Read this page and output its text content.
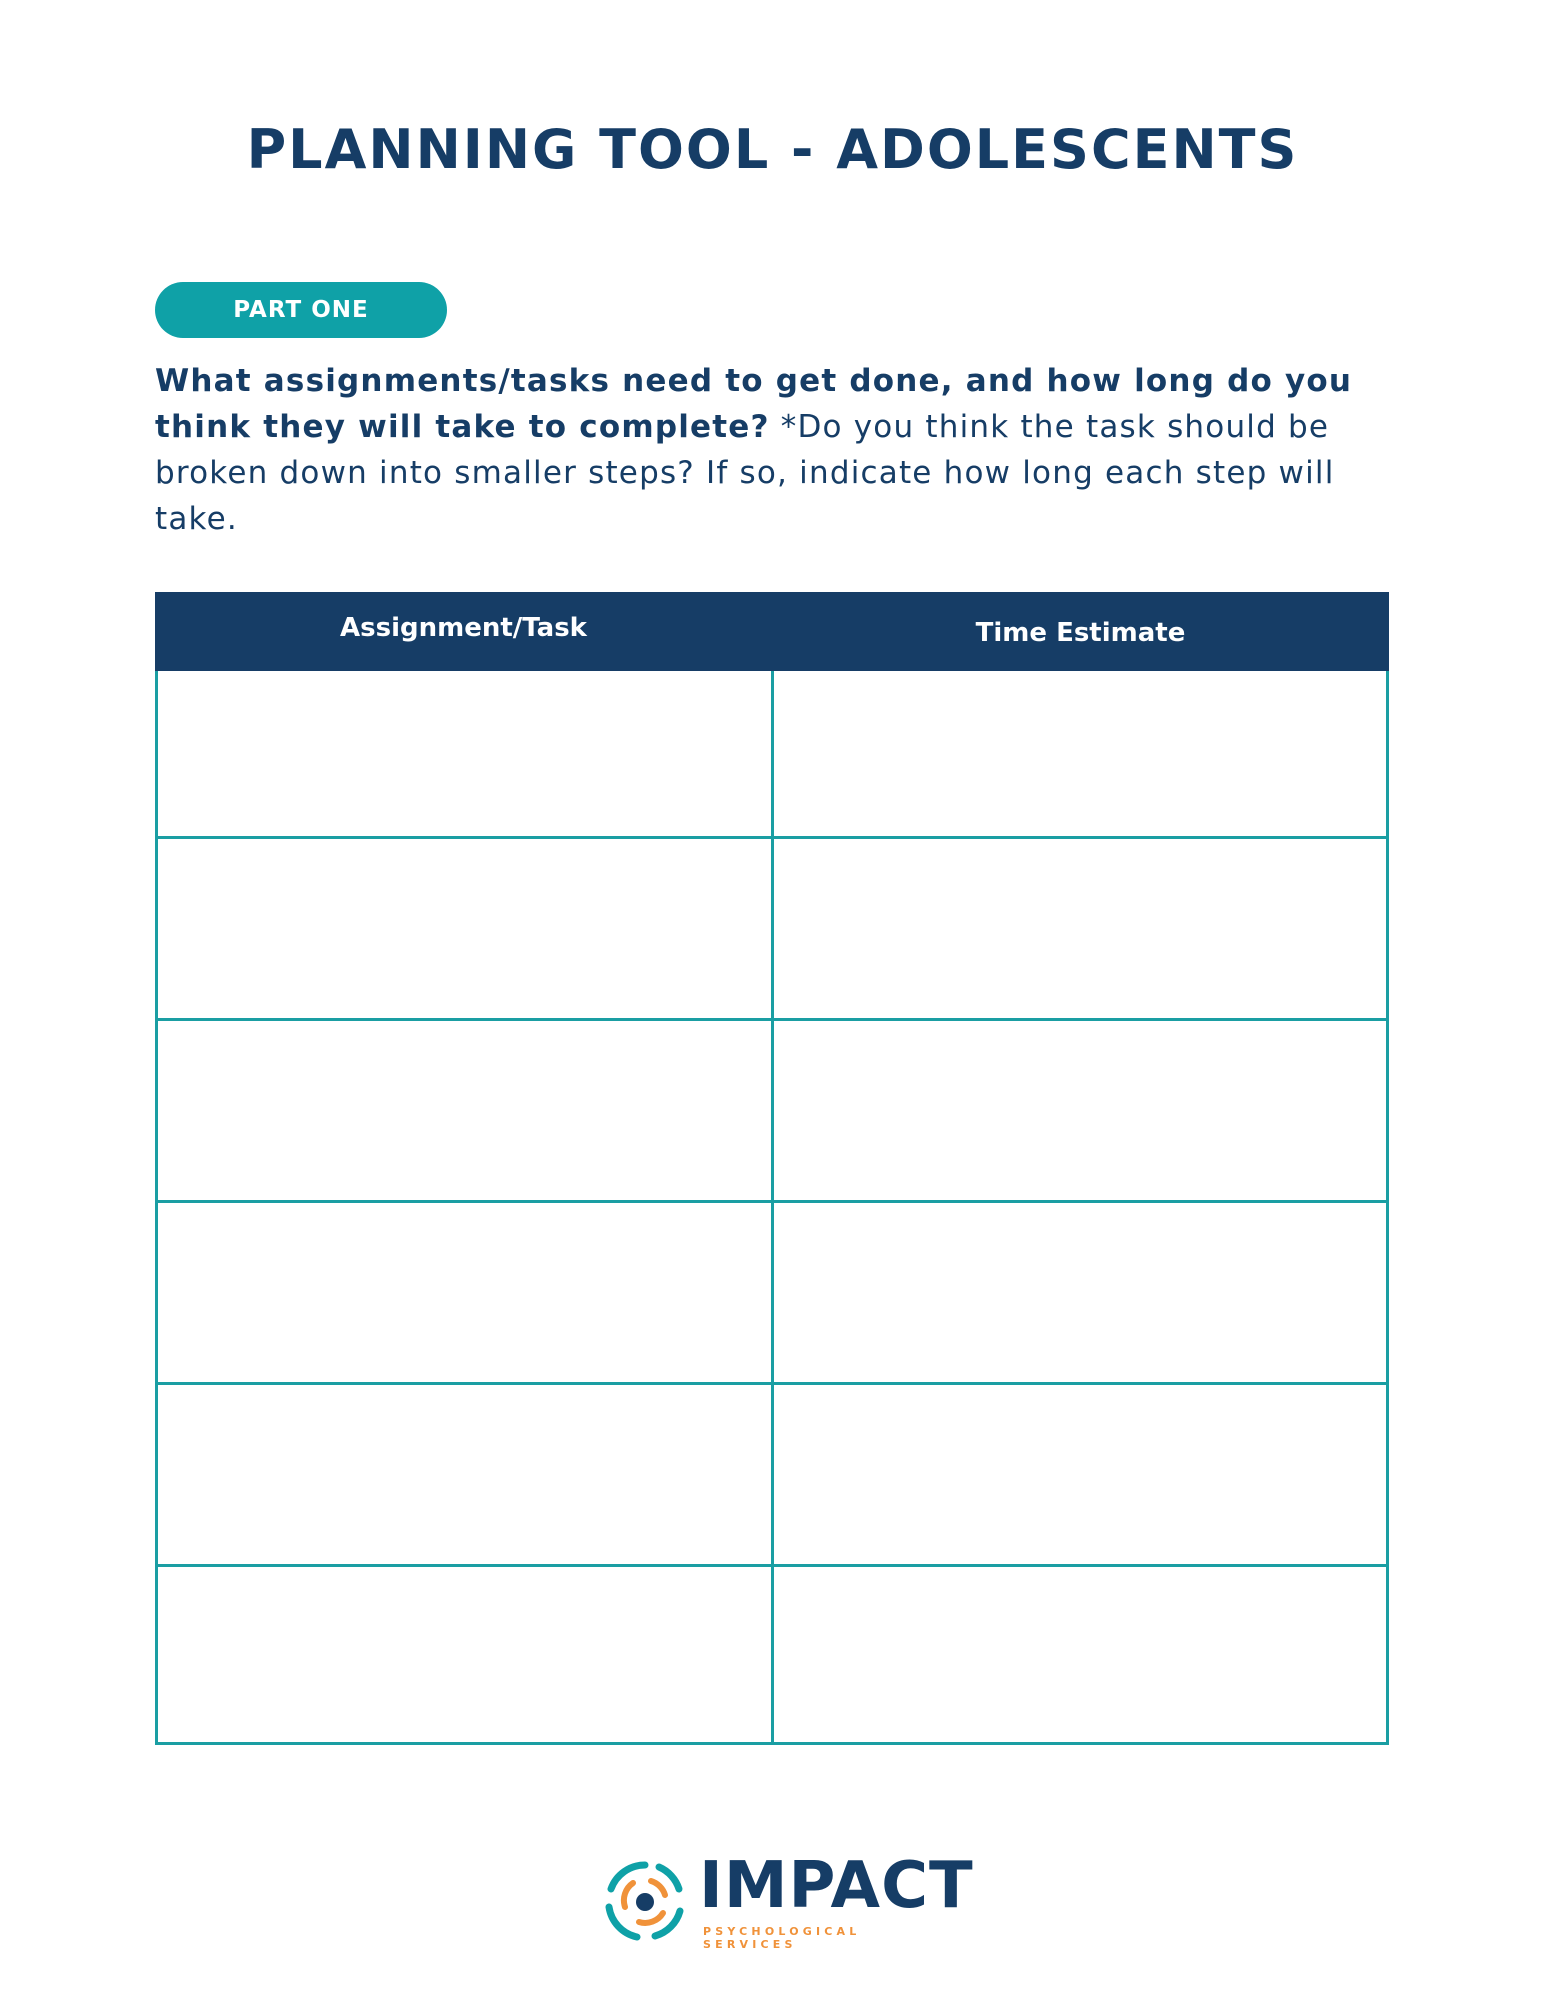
PLANNING TOOL - ADOLESCENTS
PART ONE
What assignments/tasks need to get done, and how long do you think they will take to complete? *Do you think the task should be broken down into smaller steps? If so, indicate how long each step will take.
Assignment/Task	Time Estimate
IMPACT
PSYCHOLOGICAL SERVICES
